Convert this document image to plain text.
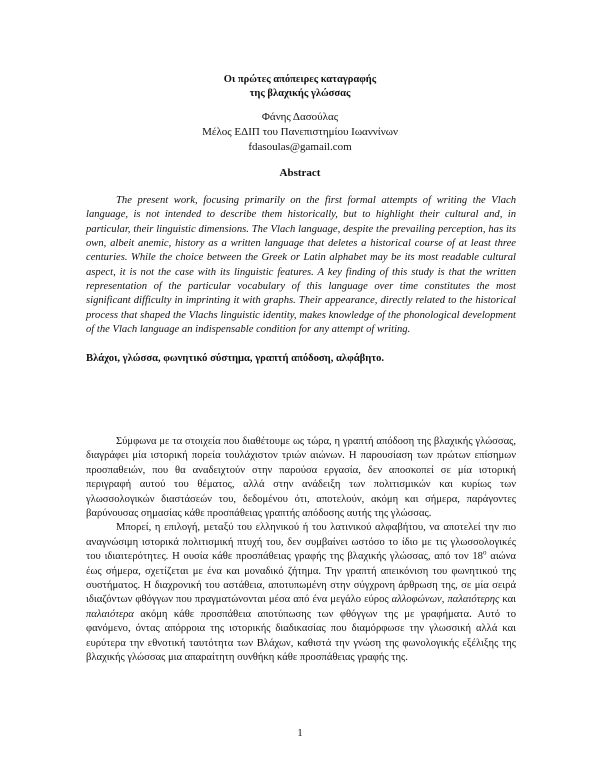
Οι πρώτες απόπειρες καταγραφής
της βλαχικής γλώσσας
Φάνης Δασούλας
Μέλος ΕΔΙΠ του Πανεπιστημίου Ιωαννίνων
fdasoulas@gamail.com
Abstract

The present work, focusing primarily on the first formal attempts of writing the Vlach language, is not intended to describe them historically, but to highlight their cultural and, in particular, their linguistic dimensions. The Vlach language, despite the prevailing perception, has its own, albeit anemic, history as a written language that deletes a historical course of at least three centuries. While the choice between the Greek or Latin alphabet may be its most readable cultural aspect, it is not the case with its linguistic features. A key finding of this study is that the written representation of the particular vocabulary of this language over time constitutes the most significant difficulty in imprinting it with graphs. Their appearance, directly related to the historical process that shaped the Vlachs linguistic identity, makes knowledge of the phonological development of the Vlach language an indispensable condition for any attempt of writing.

Βλάχοι, γλώσσα, φωνητικό σύστημα, γραπτή απόδοση, αλφάβητο.

Σύμφωνα με τα στοιχεία που διαθέτουμε ως τώρα, η γραπτή απόδοση της βλαχικής γλώσσας, διαγράφει μία ιστορική πορεία τουλάχιστον τριών αιώνων. Η παρουσίαση των πρώτων επίσημων προσπαθειών, που θα αναδειχτούν στην παρούσα εργασία, δεν αποσκοπεί σε μία ιστορική περιγραφή αυτού του θέματος, αλλά στην ανάδειξη των πολιτισμικών και κυρίως των γλωσσολογικών διαστάσεών του, δεδομένου ότι, αποτελούν, ακόμη και σήμερα, παράγοντες βαρύνουσας σημασίας κάθε προσπάθειας γραπτής απόδοσης αυτής της γλώσσας.

Μπορεί, η επιλογή, μεταξύ του ελληνικού ή του λατινικού αλφαβήτου, να αποτελεί την πιο αναγνώσιμη ιστορικά πολιτισμική πτυχή του, δεν συμβαίνει ωστόσο το ίδιο με τις γλωσσολογικές του ιδιαιτερότητες. Η ουσία κάθε προσπάθειας γραφής της βλαχικής γλώσσας, από τον $18^o$ αιώνα έως σήμερα, σχετίζεται με ένα και μοναδικό ζήτημα. Την γραπτή απεικόνιση του φωνητικού της συστήματος. Η διαχρονική του αστάθεια, αποτυπωμένη στην σύγχρονη άρθρωση της, σε μία σειρά ιδιαζόντων φθόγγων που πραγματώνονται μέσα από ένα μεγάλο εύρος αλλοφώνων, παλαιότερης και παλαιότερα ακόμη κάθε προσπάθεια αποτύπωσης των φθόγγων της με γραφήματα. Αυτό το φανόμενο, όντας απόρροια της ιστορικής διαδικασίας που διαμόρφωσε την γλωσσική αλλά και ευρύτερα την εθνοτική ταυτότητα των Βλάχων, καθιστά την γνώση της φωνολογικής εξέλιξης της βλαχικής γλώσσας μια απαραίτητη συνθήκη κάθε προσπάθειας γραφής της.

1
